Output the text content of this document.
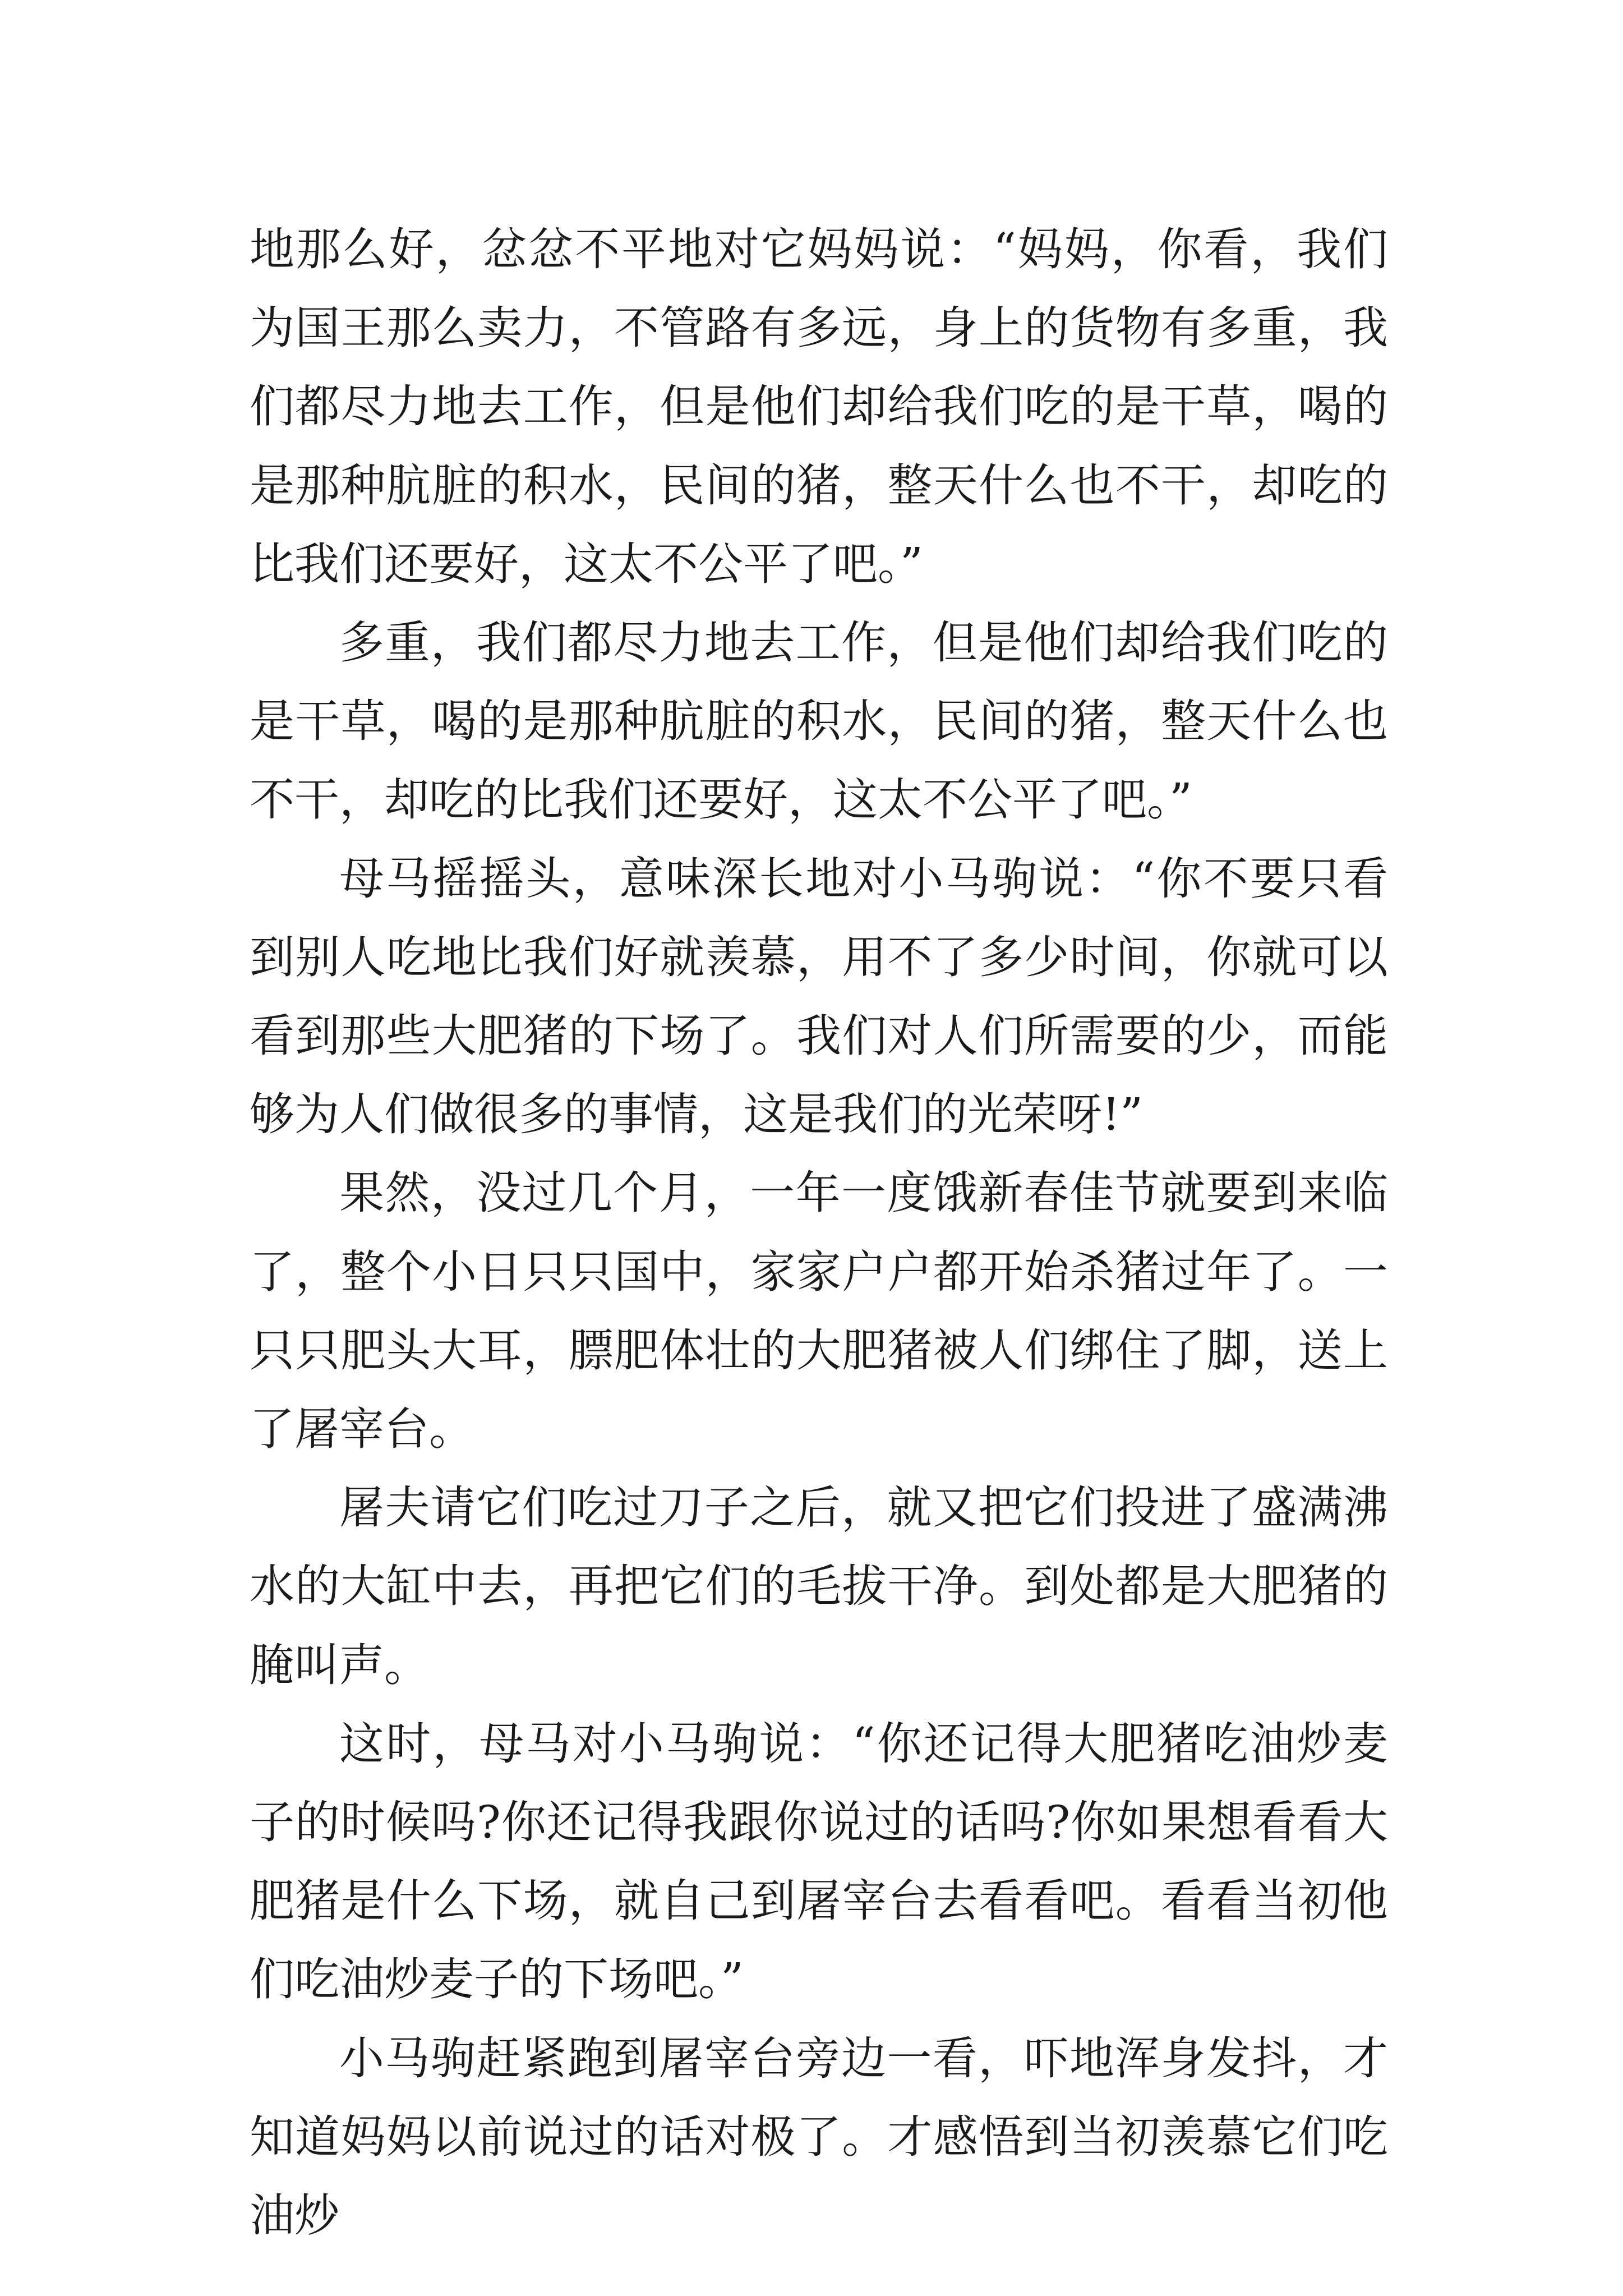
地那么好，忿忿不平地对它妈妈说：“妈妈，你看，我们为国王那么卖力，不管路有多远，身上的货物有多重，我们都尽力地去工作，但是他们却给我们吃的是干草，喝的是那种肮脏的积水，民间的猪，整天什么也不干，却吃的比我们还要好，这太不公平了吧。”

多重，我们都尽力地去工作，但是他们却给我们吃的是干草，喝的是那种肮脏的积水，民间的猪，整天什么也不干，却吃的比我们还要好，这太不公平了吧。”

母马摇摇头，意味深长地对小马驹说：“你不要只看到别人吃地比我们好就羡慕，用不了多少时间，你就可以看到那些大肥猪的下场了。我们对人们所需要的少，而能够为人们做很多的事情，这是我们的光荣呀!”

果然，没过几个月，一年一度饿新春佳节就要到来临了，整个小日只只国中，家家户户都开始杀猪过年了。一只只肥头大耳，膘肥体壮的大肥猪被人们绑住了脚，送上了屠宰台。

屠夫请它们吃过刀子之后，就又把它们投进了盛满沸水的大缸中去，再把它们的毛拔干净。到处都是大肥猪的腌叫声。

这时，母马对小马驹说：“你还记得大肥猪吃油炒麦子的时候吗?你还记得我跟你说过的话吗?你如果想看看大肥猪是什么下场，就自己到屠宰台去看看吧。看看当初他们吃油炒麦子的下场吧。”

小马驹赶紧跑到屠宰台旁边一看，吓地浑身发抖，才知道妈妈以前说过的话对极了。才感悟到当初羡慕它们吃油炒
